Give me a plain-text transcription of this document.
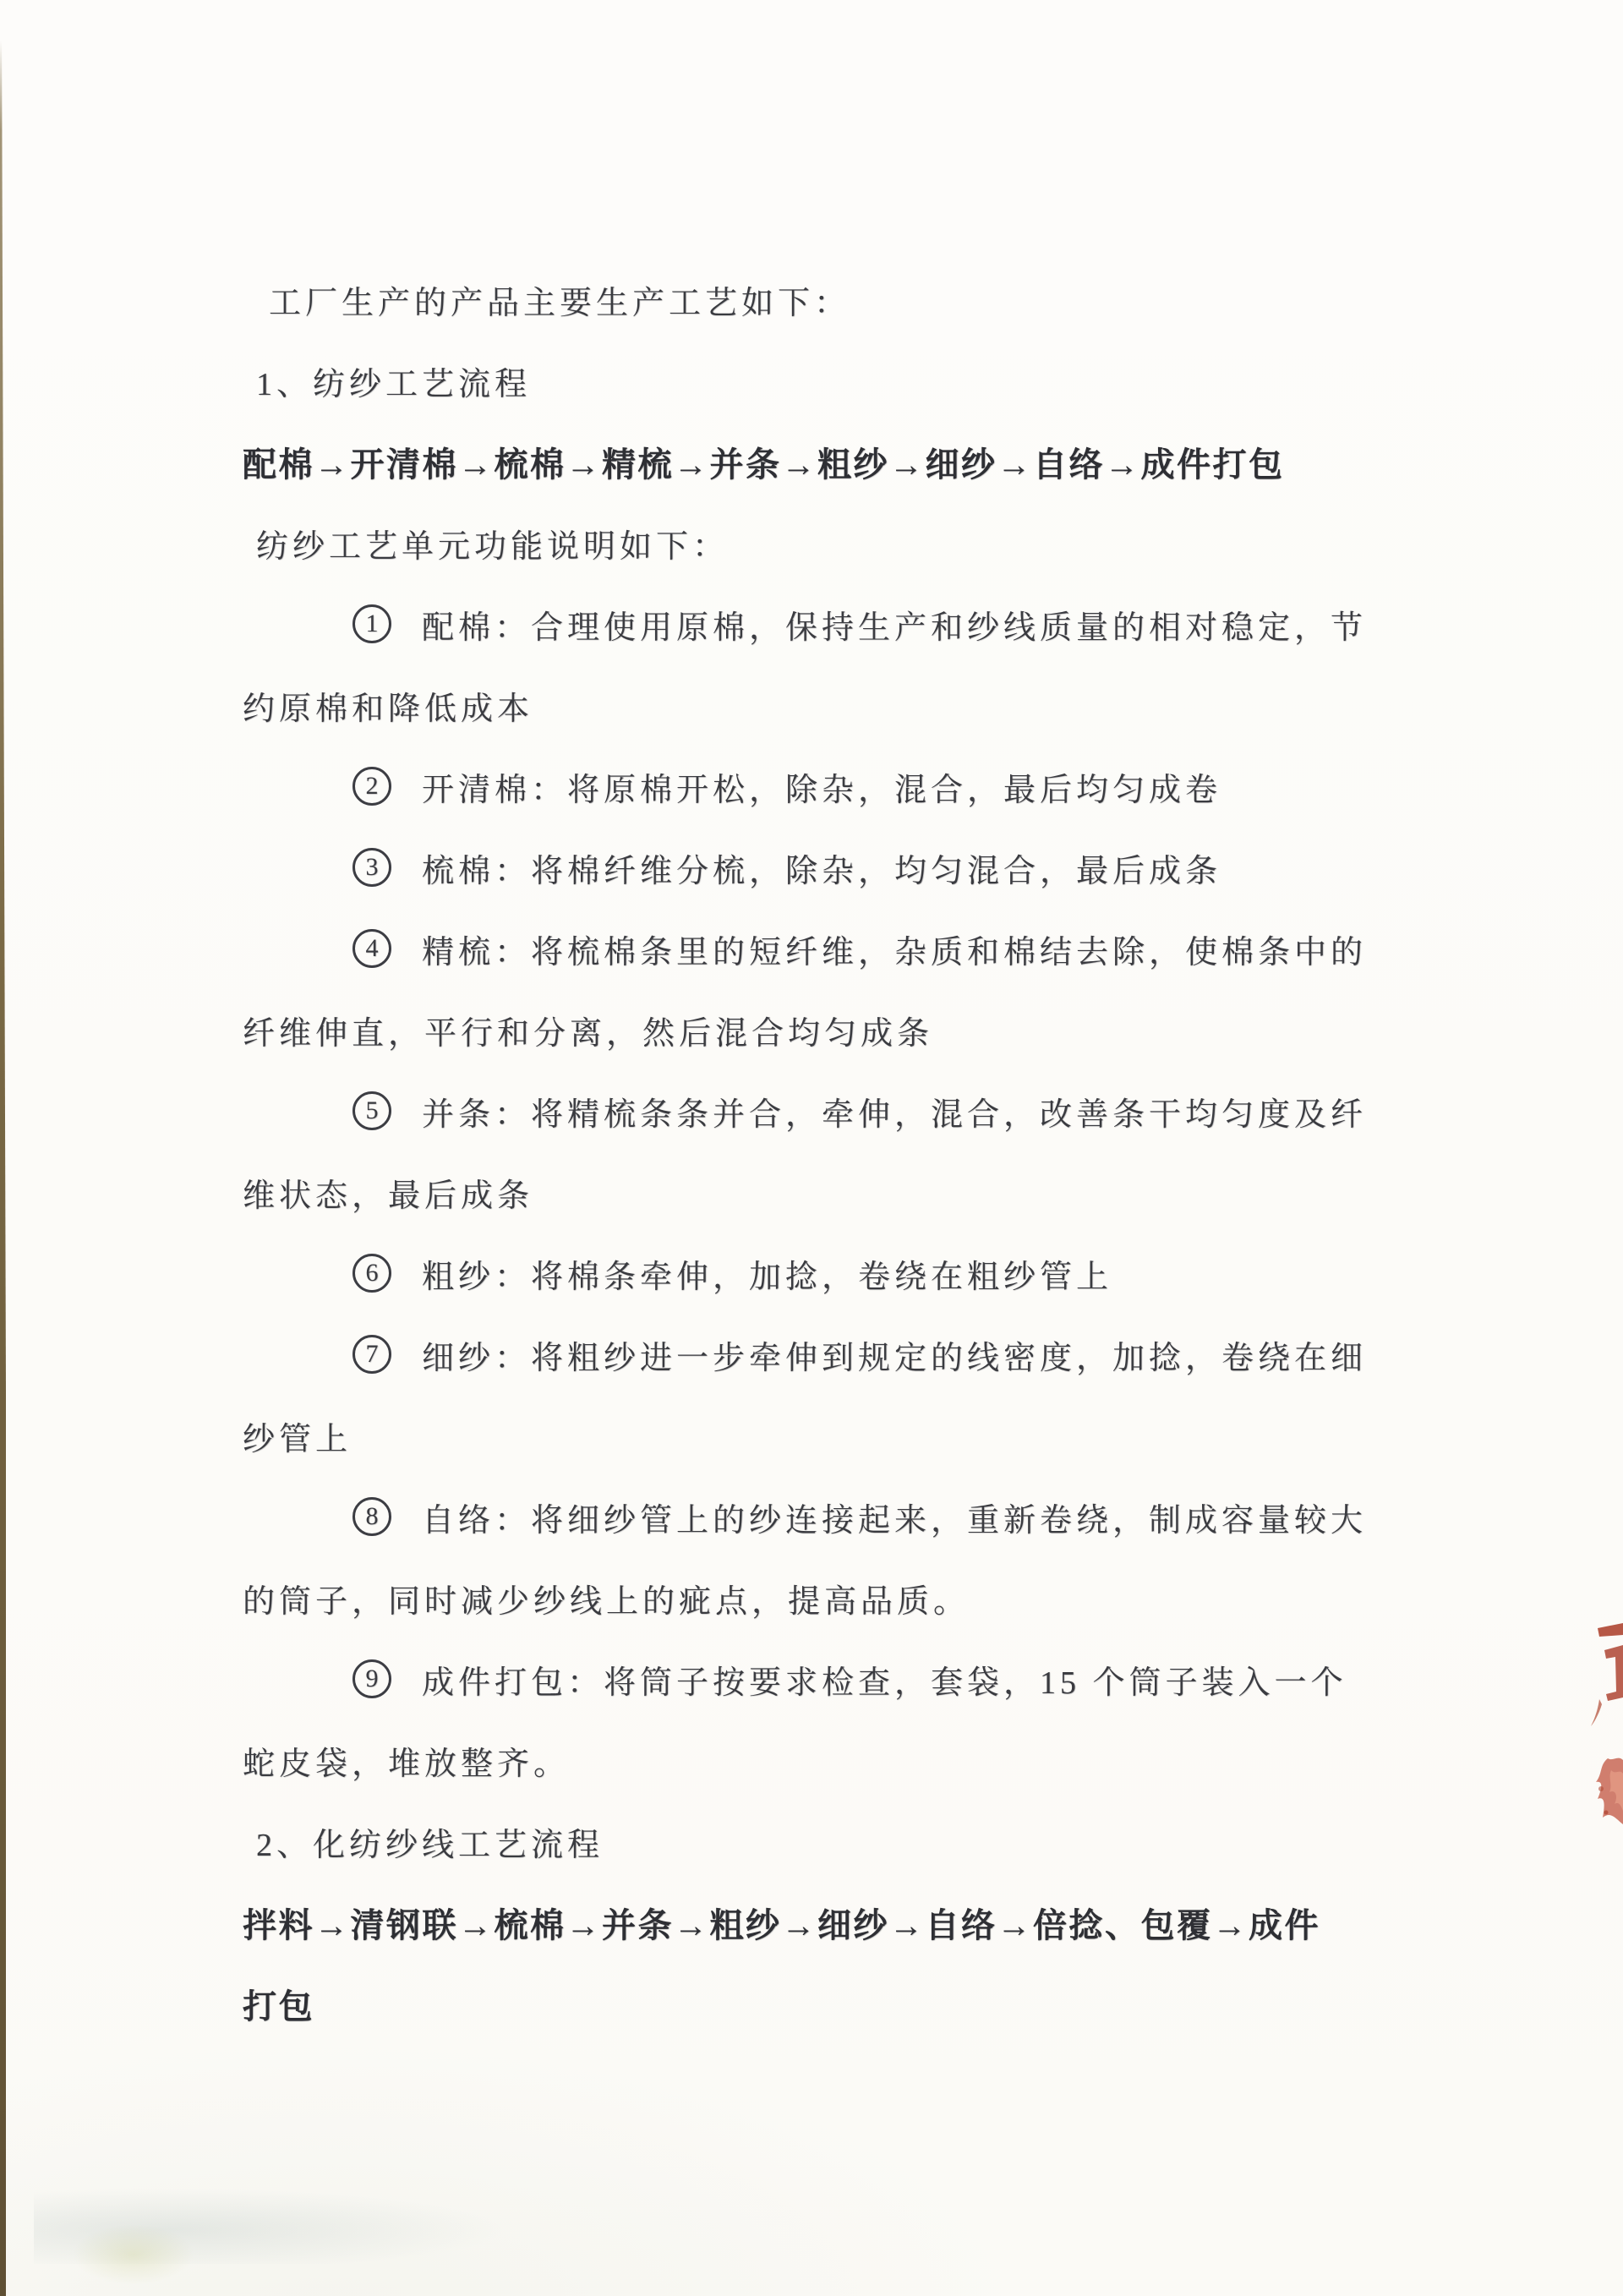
工厂生产的产品主要生产工艺如下：
1、纺纱工艺流程
配棉→开清棉→梳棉→精梳→并条→粗纱→细纱→自络→成件打包
纺纱工艺单元功能说明如下：
1	配棉：合理使用原棉，保持生产和纱线质量的相对稳定，节
约原棉和降低成本
2	开清棉：将原棉开松，除杂，混合，最后均匀成卷
3	梳棉：将棉纤维分梳，除杂，均匀混合，最后成条
4	精梳：将梳棉条里的短纤维，杂质和棉结去除，使棉条中的
纤维伸直，平行和分离，然后混合均匀成条
5	并条：将精梳条条并合，牵伸，混合，改善条干均匀度及纤
维状态，最后成条
6	粗纱：将棉条牵伸，加捻，卷绕在粗纱管上
7	细纱：将粗纱进一步牵伸到规定的线密度，加捻，卷绕在细
纱管上
8	自络：将细纱管上的纱连接起来，重新卷绕，制成容量较大
的筒子，同时减少纱线上的疵点，提高品质。
9	成件打包：将筒子按要求检查，套袋，15 个筒子装入一个
蛇皮袋，堆放整齐。
2、化纺纱线工艺流程
拌料→清钢联→梳棉→并条→粗纱→细纱→自络→倍捻、包覆→成件
打包
